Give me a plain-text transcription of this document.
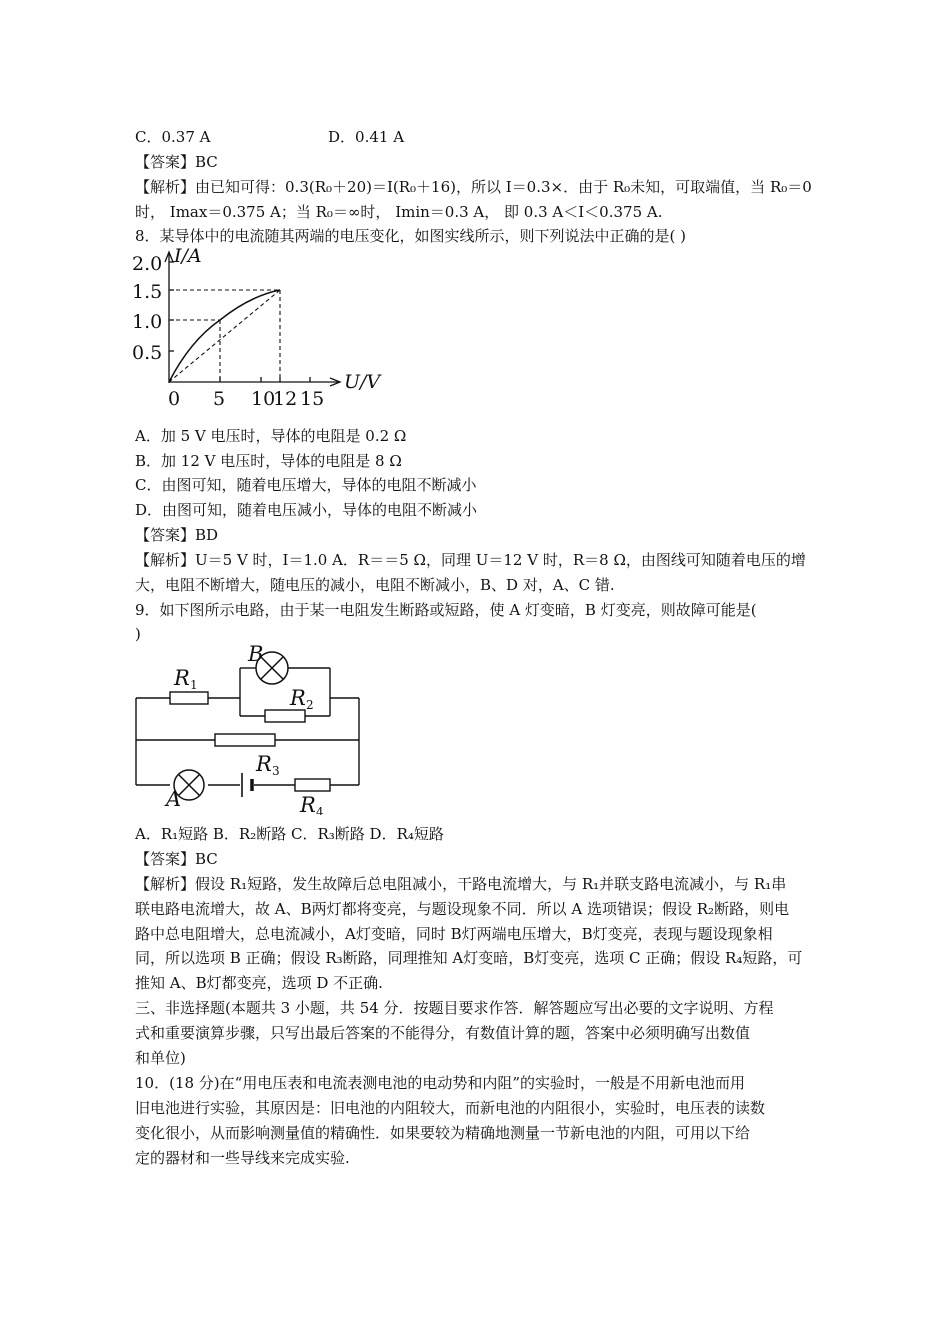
C．0.37 A	D．0.41 A
【答案】BC
【解析】由已知可得：0.3(R₀＋20)＝I(R₀＋16)，所以 I＝0.3×．由于 R₀未知，可取端值，当 R₀＝0
时， Imax＝0.375 A；当 R₀＝∞时， Imin＝0.3 A， 即 0.3 A＜I＜0.375 A.
8．某导体中的电流随其两端的电压变化，如图实线所示，则下列说法中正确的是( )
I/A
U/V
2.0
1.5
1.0
0.5
0 5 10
12 15
A．加 5 V 电压时，导体的电阻是 0.2 Ω
B．加 12 V 电压时，导体的电阻是 8 Ω
C．由图可知，随着电压增大，导体的电阻不断减小
D．由图可知，随着电压减小，导体的电阻不断减小
【答案】BD
【解析】U＝5 V 时，I＝1.0 A．R＝＝5 Ω，同理 U＝12 V 时，R＝8 Ω，由图线可知随着电压的增
大，电阻不断增大，随电压的减小，电阻不断减小，B、D 对，A、C 错.
9．如下图所示电路，由于某一电阻发生断路或短路，使 A 灯变暗，B 灯变亮，则故障可能是(
)
B
R 1
R 2
R 3
R 4
A
A．R₁短路 B．R₂断路 C．R₃断路 D．R₄短路
【答案】BC
【解析】假设 R₁短路，发生故障后总电阻减小，干路电流增大，与 R₁并联支路电流减小，与 R₁串
联电路电流增大，故 A、B两灯都将变亮，与题设现象不同．所以 A 选项错误；假设 R₂断路，则电
路中总电阻增大，总电流减小，A灯变暗，同时 B灯两端电压增大，B灯变亮，表现与题设现象相
同，所以选项 B 正确；假设 R₃断路，同理推知 A灯变暗，B灯变亮，选项 C 正确；假设 R₄短路，可
推知 A、B灯都变亮，选项 D 不正确.
三、非选择题(本题共 3 小题，共 54 分．按题目要求作答．解答题应写出必要的文字说明、方程
式和重要演算步骤，只写出最后答案的不能得分，有数值计算的题，答案中必须明确写出数值
和单位)
10．(18 分)在“用电压表和电流表测电池的电动势和内阻”的实验时，一般是不用新电池而用
旧电池进行实验，其原因是：旧电池的内阻较大，而新电池的内阻很小，实验时，电压表的读数
变化很小，从而影响测量值的精确性．如果要较为精确地测量一节新电池的内阻，可用以下给
定的器材和一些导线来完成实验.
